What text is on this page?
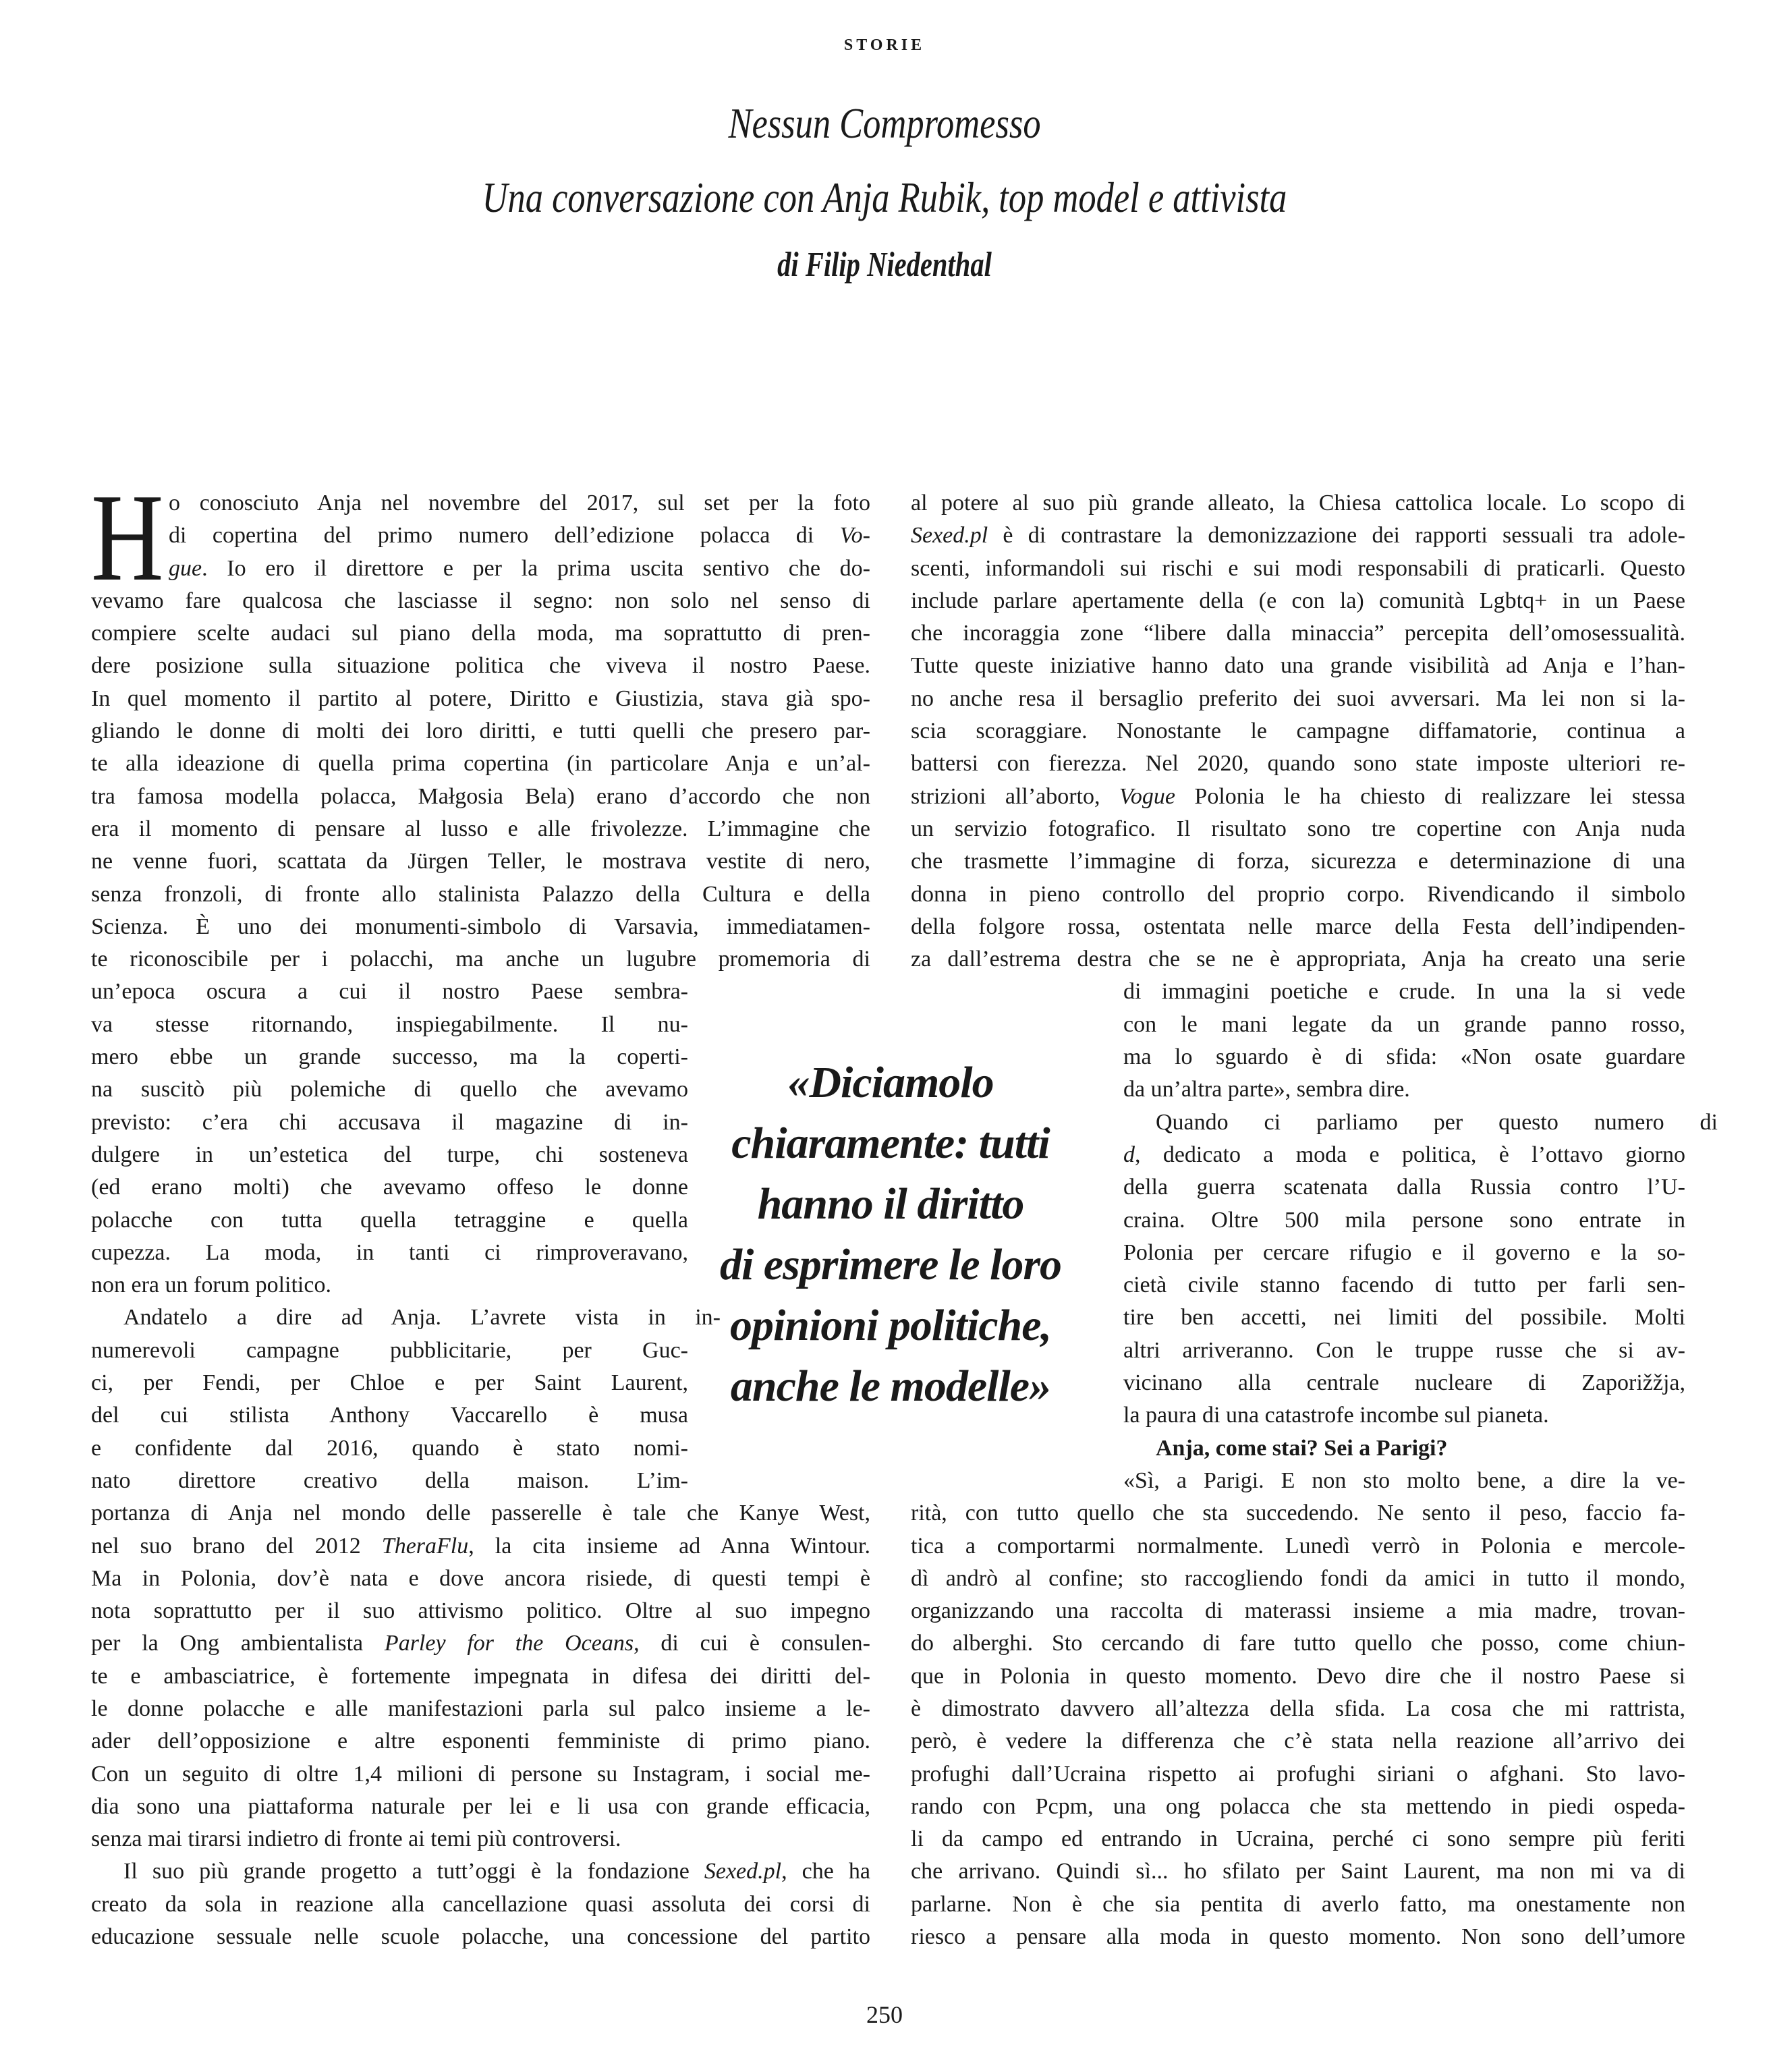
STORIE
Nessun Compromesso
Una conversazione con Anja Rubik, top model e attivista
di Filip Niedenthal
H o conosciuto Anja nel novembre del 2017, sul set per la foto
di copertina del primo numero dell’edizione polacca di Vo-
gue. Io ero il direttore e per la prima uscita sentivo che do-
vevamo fare qualcosa che lasciasse il segno: non solo nel senso di
compiere scelte audaci sul piano della moda, ma soprattutto di pren-
dere posizione sulla situazione politica che viveva il nostro Paese.
In quel momento il partito al potere, Diritto e Giustizia, stava già spo-
gliando le donne di molti dei loro diritti, e tutti quelli che presero par-
te alla ideazione di quella prima copertina (in particolare Anja e un’al-
tra famosa modella polacca, Małgosia Bela) erano d’accordo che non
era il momento di pensare al lusso e alle frivolezze. L’immagine che
ne venne fuori, scattata da Jürgen Teller, le mostrava vestite di nero,
senza fronzoli, di fronte allo stalinista Palazzo della Cultura e della
Scienza. È uno dei monumenti-simbolo di Varsavia, immediatamen-
te riconoscibile per i polacchi, ma anche un lugubre promemoria di
un’epoca oscura a cui il nostro Paese sembra-
va stesse ritornando, inspiegabilmente. Il nu-
mero ebbe un grande successo, ma la coperti-
na suscitò più polemiche di quello che avevamo
previsto: c’era chi accusava il magazine di in-
dulgere in un’estetica del turpe, chi sosteneva
(ed erano molti) che avevamo offeso le donne
polacche con tutta quella tetraggine e quella
cupezza. La moda, in tanti ci rimproveravano,
non era un forum politico.
Andatelo a dire ad Anja. L’avrete vista in in-
numerevoli campagne pubblicitarie, per Guc-
ci, per Fendi, per Chloe e per Saint Laurent,
del cui stilista Anthony Vaccarello è musa
e confidente dal 2016, quando è stato nomi-
nato direttore creativo della maison. L’im-
portanza di Anja nel mondo delle passerelle è tale che Kanye West,
nel suo brano del 2012 TheraFlu, la cita insieme ad Anna Wintour.
Ma in Polonia, dov’è nata e dove ancora risiede, di questi tempi è
nota soprattutto per il suo attivismo politico. Oltre al suo impegno
per la Ong ambientalista Parley for the Oceans, di cui è consulen-
te e ambasciatrice, è fortemente impegnata in difesa dei diritti del-
le donne polacche e alle manifestazioni parla sul palco insieme a le-
ader dell’opposizione e altre esponenti femministe di primo piano.
Con un seguito di oltre 1,4 milioni di persone su Instagram, i social me-
dia sono una piattaforma naturale per lei e li usa con grande efficacia,
senza mai tirarsi indietro di fronte ai temi più controversi.
Il suo più grande progetto a tutt’oggi è la fondazione Sexed.pl, che ha
creato da sola in reazione alla cancellazione quasi assoluta dei corsi di
educazione sessuale nelle scuole polacche, una concessione del partito
al potere al suo più grande alleato, la Chiesa cattolica locale. Lo scopo di
Sexed.pl è di contrastare la demonizzazione dei rapporti sessuali tra adole-
scenti, informandoli sui rischi e sui modi responsabili di praticarli. Questo
include parlare apertamente della (e con la) comunità Lgbtq+ in un Paese
che incoraggia zone “libere dalla minaccia” percepita dell’omosessualità.
Tutte queste iniziative hanno dato una grande visibilità ad Anja e l’han-
no anche resa il bersaglio preferito dei suoi avversari. Ma lei non si la-
scia scoraggiare. Nonostante le campagne diffamatorie, continua a
battersi con fierezza. Nel 2020, quando sono state imposte ulteriori re-
strizioni all’aborto, Vogue Polonia le ha chiesto di realizzare lei stessa
un servizio fotografico. Il risultato sono tre copertine con Anja nuda
che trasmette l’immagine di forza, sicurezza e determinazione di una
donna in pieno controllo del proprio corpo. Rivendicando il simbolo
della folgore rossa, ostentata nelle marce della Festa dell’indipenden-
za dall’estrema destra che se ne è appropriata, Anja ha creato una serie
di immagini poetiche e crude. In una la si vede
con le mani legate da un grande panno rosso,
ma lo sguardo è di sfida: «Non osate guardare
da un’altra parte», sembra dire.
Quando ci parliamo per questo numero di
d, dedicato a moda e politica, è l’ottavo giorno
della guerra scatenata dalla Russia contro l’U-
craina. Oltre 500 mila persone sono entrate in
Polonia per cercare rifugio e il governo e la so-
cietà civile stanno facendo di tutto per farli sen-
tire ben accetti, nei limiti del possibile. Molti
altri arriveranno. Con le truppe russe che si av-
vicinano alla centrale nucleare di Zaporižžja,
la paura di una catastrofe incombe sul pianeta.
Anja, come stai? Sei a Parigi?
«Sì, a Parigi. E non sto molto bene, a dire la ve-
rità, con tutto quello che sta succedendo. Ne sento il peso, faccio fa-
tica a comportarmi normalmente. Lunedì verrò in Polonia e mercole-
dì andrò al confine; sto raccogliendo fondi da amici in tutto il mondo,
organizzando una raccolta di materassi insieme a mia madre, trovan-
do alberghi. Sto cercando di fare tutto quello che posso, come chiun-
que in Polonia in questo momento. Devo dire che il nostro Paese si
è dimostrato davvero all’altezza della sfida. La cosa che mi rattrista,
però, è vedere la differenza che c’è stata nella reazione all’arrivo dei
profughi dall’Ucraina rispetto ai profughi siriani o afghani. Sto lavo-
rando con Pcpm, una ong polacca che sta mettendo in piedi ospeda-
li da campo ed entrando in Ucraina, perché ci sono sempre più feriti
che arrivano. Quindi sì... ho sfilato per Saint Laurent, ma non mi va di
parlarne. Non è che sia pentita di averlo fatto, ma onestamente non
riesco a pensare alla moda in questo momento. Non sono dell’umore
«Diciamolo
chiaramente: tutti
hanno il diritto
di esprimere le loro
opinioni politiche,
anche le modelle»
250
